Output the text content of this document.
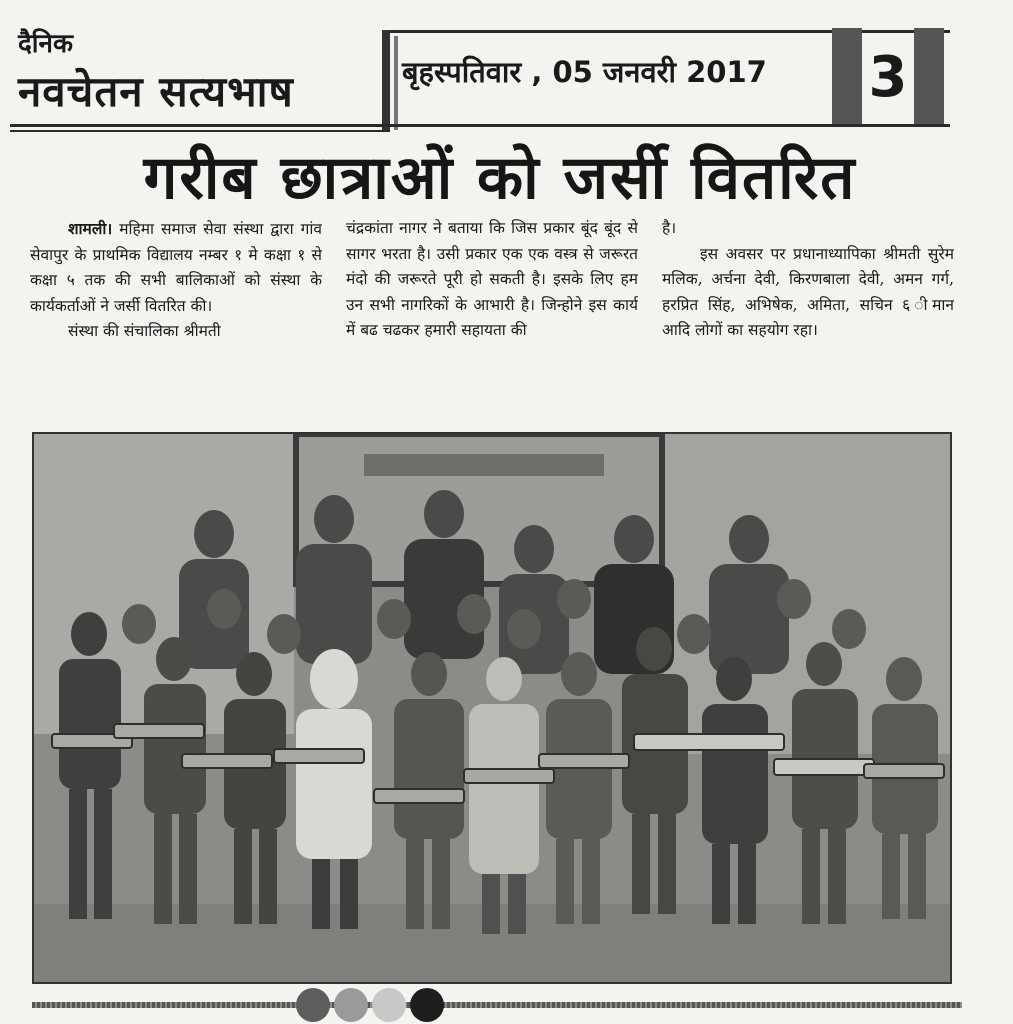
दैनिक
नवचेतन सत्यभाष	बृहस्पतिवार , 05 जनवरी 2017 3
गरीब छात्राओं को जर्सी वितरित

शामली। महिमा समाज सेवा संस्था द्वारा गांव सेवापुर के प्राथमिक विद्यालय नम्बर १ मे कक्षा १ से कक्षा ५ तक की सभी बालिकाओं को संस्था के कार्यकर्ताओं ने जर्सी वितरित की।

संस्था की संचालिका श्रीमती

चंद्रकांता नागर ने बताया कि जिस प्रकार बूंद बूंद से सागर भरता है। उसी प्रकार एक एक वस्त्र से जरूरत मंदो की जरूरते पूरी हो सकती है। इसके लिए हम उन सभी नागरिकों के आभारी है। जिन्होने इस कार्य में बढ चढकर हमारी सहायता की

है।

इस अवसर पर प्रधानाध्यापिका श्रीमती सुरेम मलिक, अर्चना देवी, किरणबाला देवी, अमन गर्ग, हरप्रित सिंह, अभिषेक, अमिता, सचिन ६ ीमान आदि लोगों का सहयोग रहा।
